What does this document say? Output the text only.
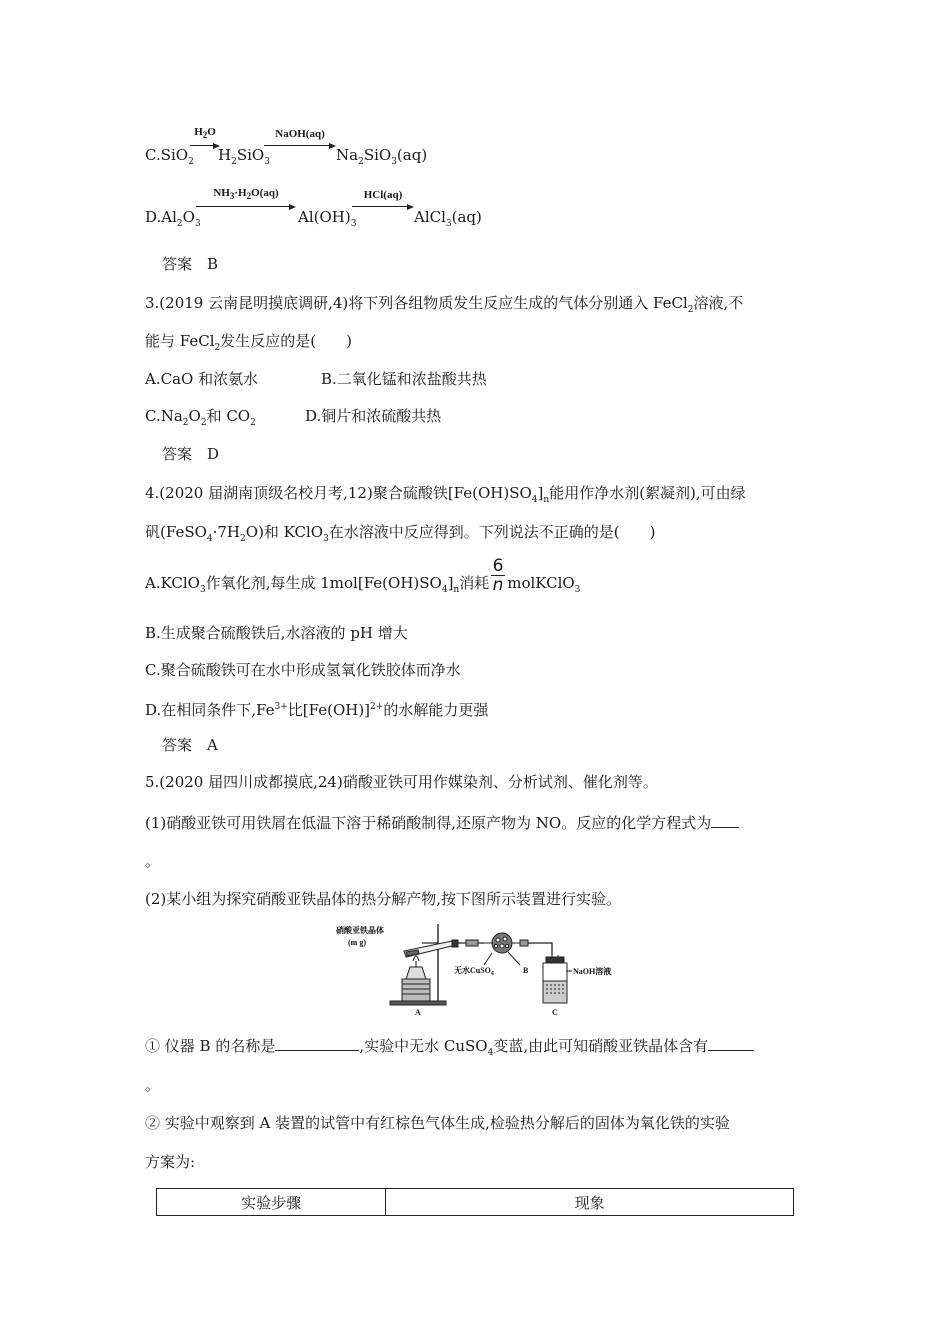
C.SiO$_2$
$H_2O$
$H_2SiO_3$
NaOH(aq)
$Na_2SiO_3(aq)$
$D.Al_2O_3$
$NH_3\cdot H_2O(aq)$
$Al(OH)_3$
HCl(aq)
AlCl$_3$(aq)
答案　B
3.(2019 云南昆明摸底调研,4)将下列各组物质发生反应生成的气体分别通入 FeCl$_2$溶液,不
能与 FeCl$_2$发生反应的是(　　)
A.CaO 和浓氨水	B.二氧化锰和浓盐酸共热
$C.Na_2O_2$和 $CO_2$	D.铜片和浓硫酸共热
答案　D
4.(2020 届湖南顶级名校月考,12)聚合硫酸铁$[Fe(OH)SO_4]_n$能用作净水剂(絮凝剂),可由绿
矾$(FeSO_4\cdot 7H_2O)$和 KClO$_3$在水溶液中反应得到。下列说法不正确的是(　　)
A.KClO$_3$作氧化剂,每生成 $1mol[Fe(OH)SO_4]_n$消耗 molKClO$_3$
6
n
B.生成聚合硫酸铁后,水溶液的 pH 增大
C.聚合硫酸铁可在水中形成氢氧化铁胶体而净水
D.在相同条件下$,Fe^{3+}$比$[Fe(OH)]^{2+}$的水解能力更强
答案　A
5.(2020 届四川成都摸底,24)硝酸亚铁可用作媒染剂、分析试剂、催化剂等。
(1)硝酸亚铁可用铁屑在低温下溶于稀硝酸制得,还原产物为 NO。反应的化学方程式为
。
(2)某小组为探究硝酸亚铁晶体的热分解产物,按下图所示装置进行实验。
硝酸亚铁晶体
(m g)
无水CuSO$_4$	B	NaOH溶液
A	C
① 仪器 B 的名称是	,实验中无水 CuSO$_4$变蓝,由此可知硝酸亚铁晶体含有
。
② 实验中观察到 A 装置的试管中有红棕色气体生成,检验热分解后的固体为氧化铁的实验
方案为:
实验步骤	现象
